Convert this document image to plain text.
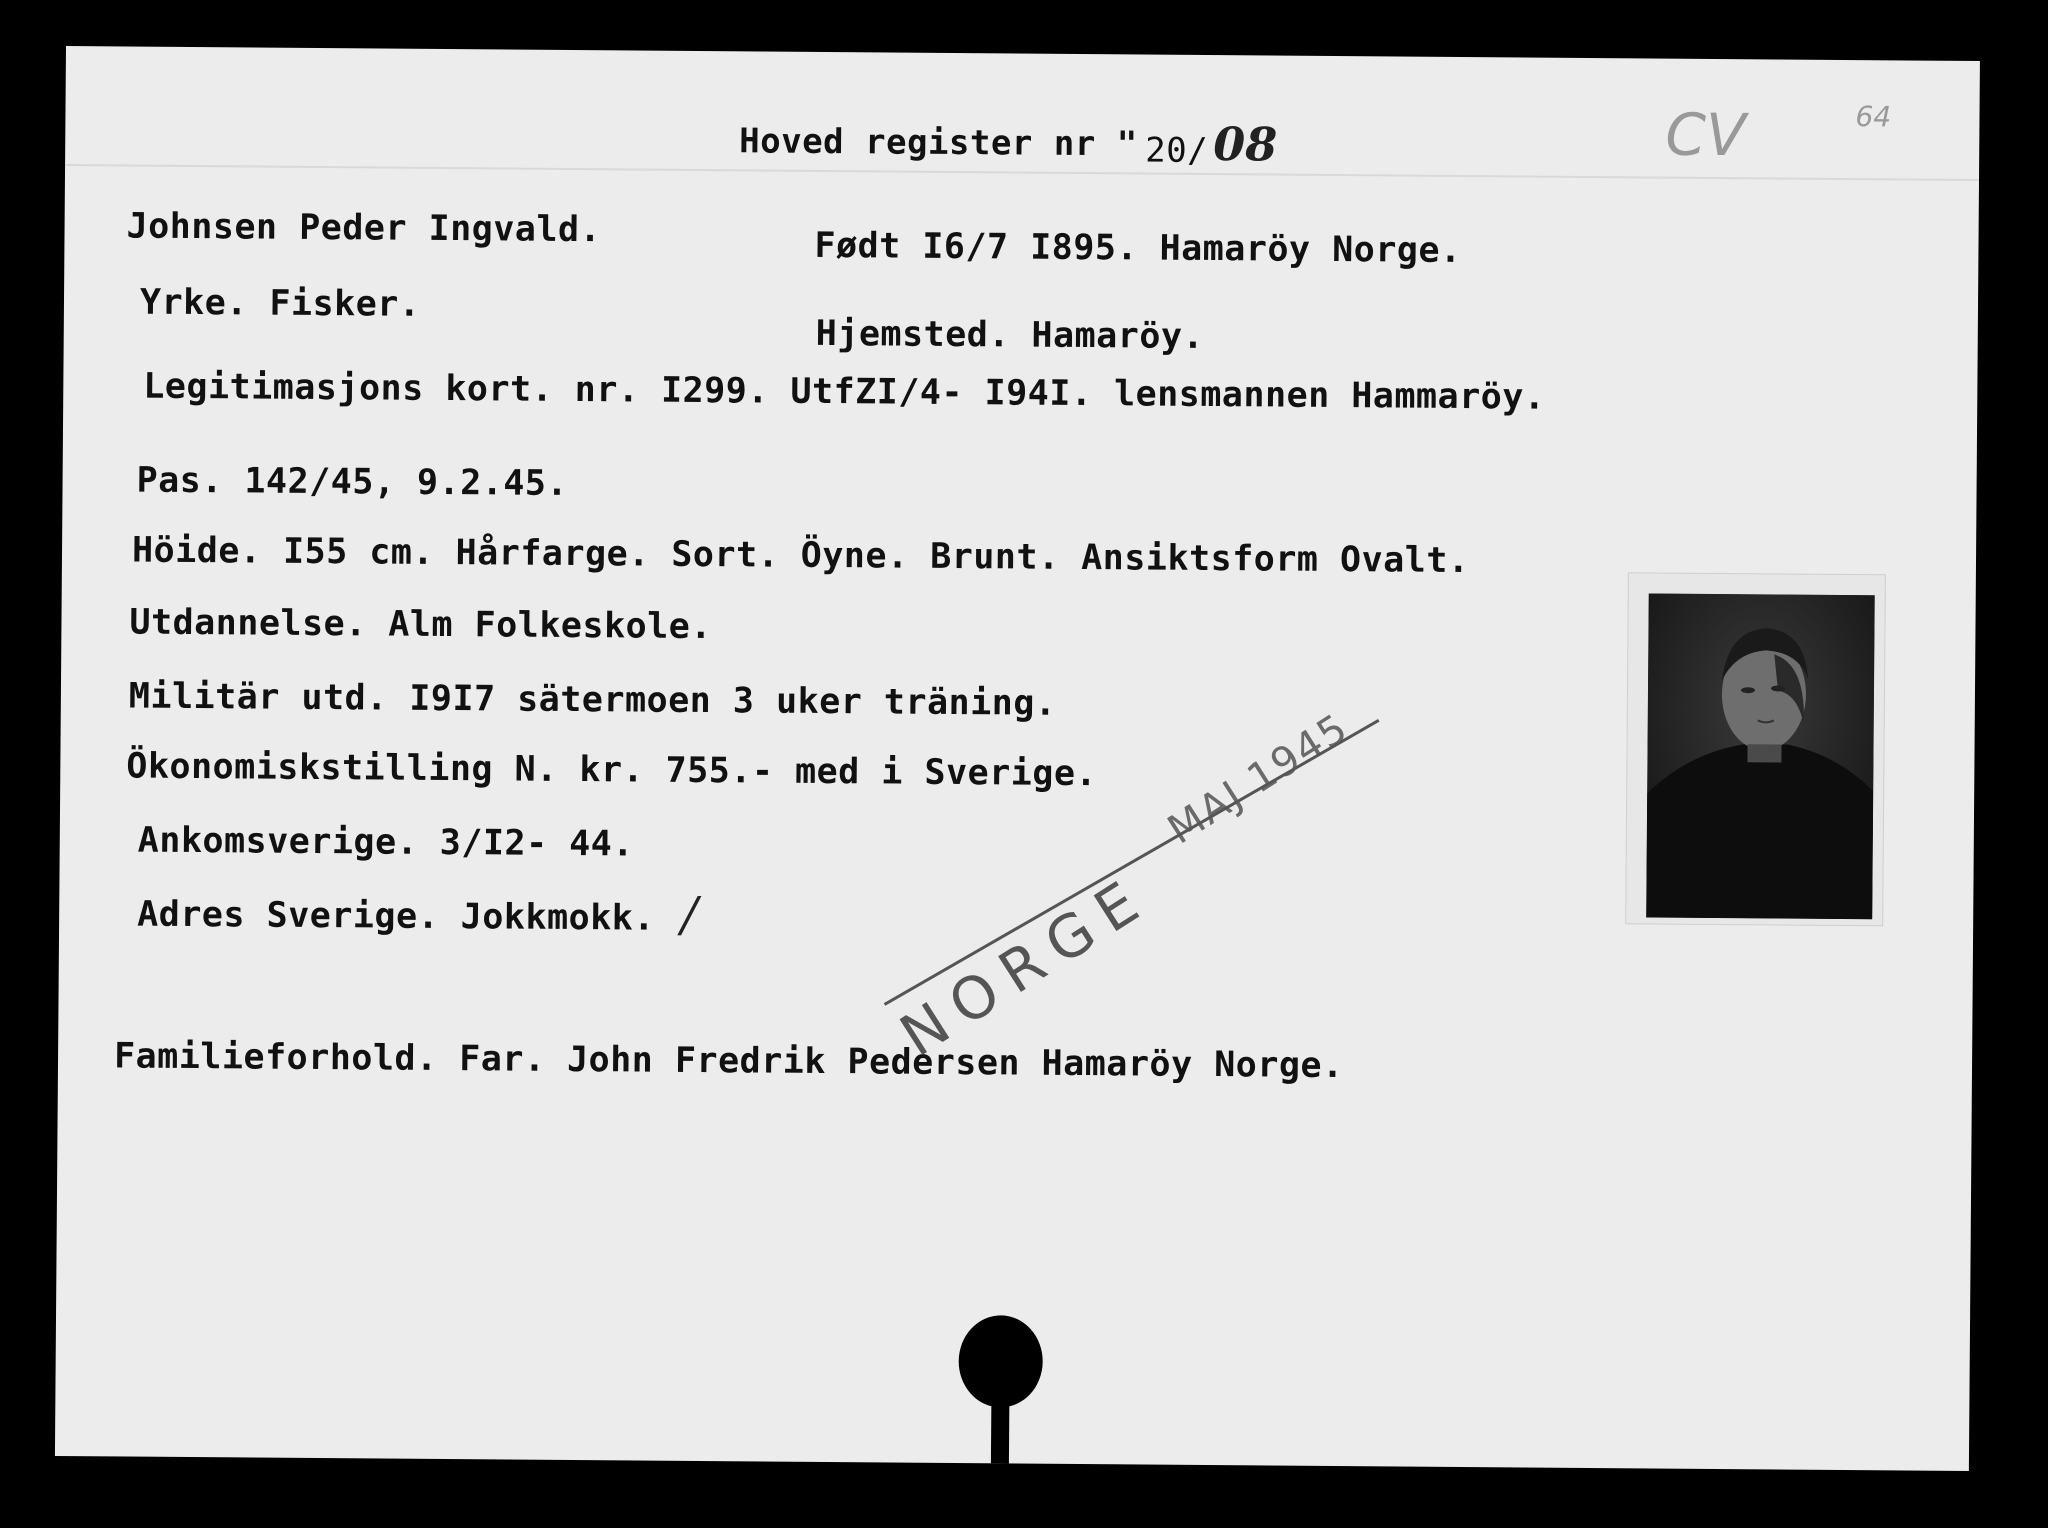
Hoved register nr " 20/ 08	CV	64
Johnsen Peder Ingvald.	Født I6/7 I895. Hamaröy Norge.
Yrke. Fisker.
Hjemsted. Hamaröy.
Legitimasjons kort. nr. I299. UtfZI/4- I94I. lensmannen Hammaröy.
Pas. 142/45, 9.2.45.
Höide. I55 cm. Hårfarge. Sort. Öyne. Brunt. Ansiktsform Ovalt.
Utdannelse. Alm Folkeskole.
Militär utd. I9I7 sätermoen 3 uker träning.
Ökonomiskstilling N. kr. 755.- med i Sverige.
Ankomsverige. 3/I2- 44.
Adres Sverige. Jokkmokk. /
Familieforhold. Far. John Fredrik Pedersen Hamaröy Norge.
NORGE
MAJ 1945
